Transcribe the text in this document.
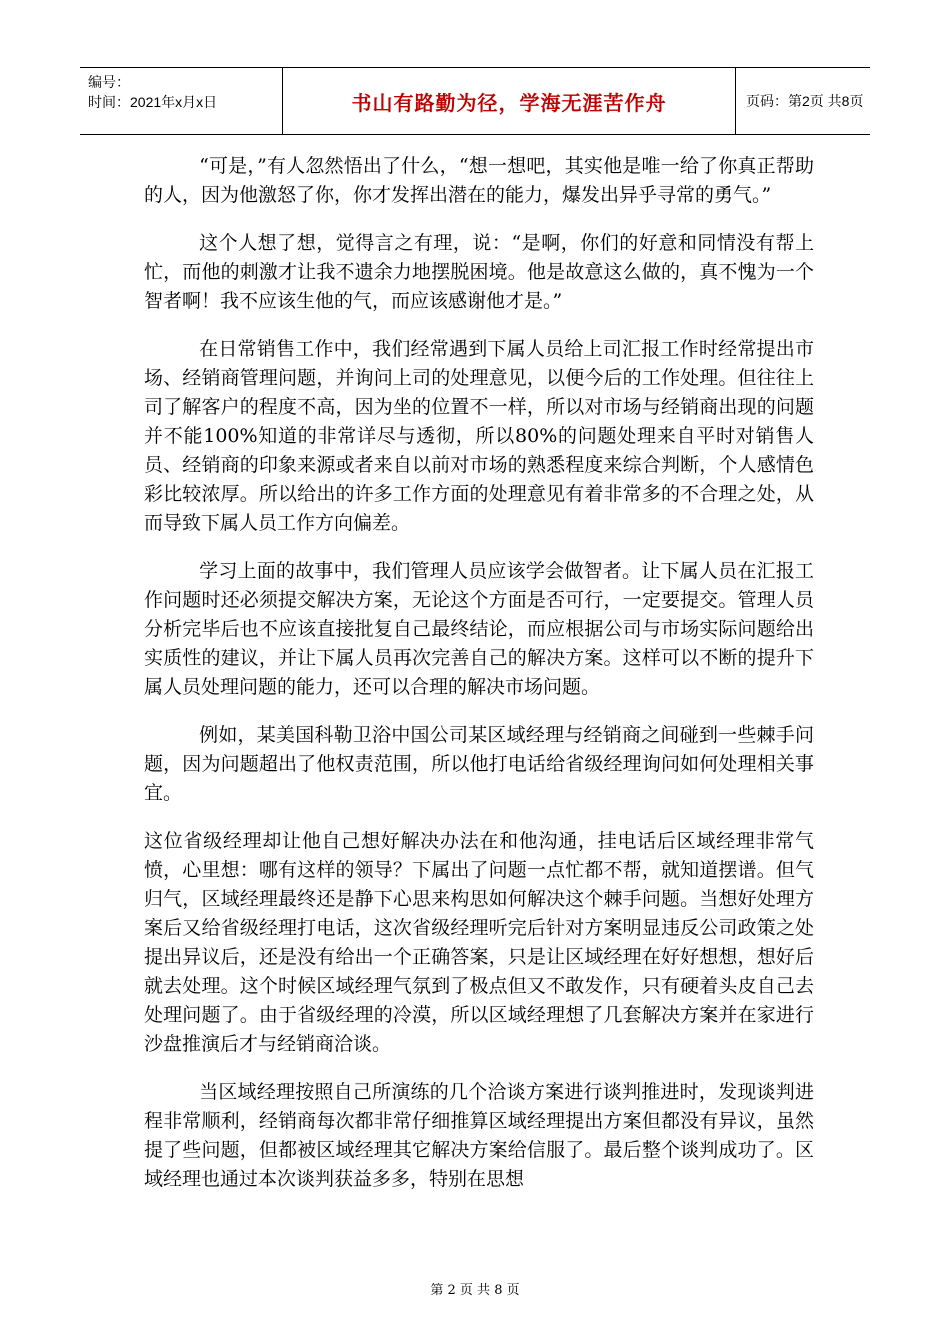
编号：
时间：2021年x月x日	书山有路勤为径，学海无涯苦作舟	页码：第2页 共8页

“可是，”有人忽然悟出了什么，“想一想吧，其实他是唯一给了你真正帮助的人，因为他激怒了你，你才发挥出潜在的能力，爆发出异乎寻常的勇气。”

这个人想了想，觉得言之有理，说：“是啊，你们的好意和同情没有帮上忙，而他的刺激才让我不遗余力地摆脱困境。他是故意这么做的，真不愧为一个智者啊！我不应该生他的气，而应该感谢他才是。”

在日常销售工作中，我们经常遇到下属人员给上司汇报工作时经常提出市场、经销商管理问题，并询问上司的处理意见，以便今后的工作处理。但往往上司了解客户的程度不高，因为坐的位置不一样，所以对市场与经销商出现的问题并不能100%知道的非常详尽与透彻，所以80%的问题处理来自平时对销售人员、经销商的印象来源或者来自以前对市场的熟悉程度来综合判断，个人感情色彩比较浓厚。所以给出的许多工作方面的处理意见有着非常多的不合理之处，从而导致下属人员工作方向偏差。

学习上面的故事中，我们管理人员应该学会做智者。让下属人员在汇报工作问题时还必须提交解决方案，无论这个方面是否可行，一定要提交。管理人员分析完毕后也不应该直接批复自己最终结论，而应根据公司与市场实际问题给出实质性的建议，并让下属人员再次完善自己的解决方案。这样可以不断的提升下属人员处理问题的能力，还可以合理的解决市场问题。

例如，某美国科勒卫浴中国公司某区域经理与经销商之间碰到一些棘手问题，因为问题超出了他权责范围，所以他打电话给省级经理询问如何处理相关事宜。

这位省级经理却让他自己想好解决办法在和他沟通，挂电话后区域经理非常气愤，心里想：哪有这样的领导？下属出了问题一点忙都不帮，就知道摆谱。但气归气，区域经理最终还是静下心思来构思如何解决这个棘手问题。当想好处理方案后又给省级经理打电话，这次省级经理听完后针对方案明显违反公司政策之处提出异议后，还是没有给出一个正确答案，只是让区域经理在好好想想，想好后就去处理。这个时候区域经理气氛到了极点但又不敢发作，只有硬着头皮自己去处理问题了。由于省级经理的冷漠，所以区域经理想了几套解决方案并在家进行沙盘推演后才与经销商洽谈。

当区域经理按照自己所演练的几个洽谈方案进行谈判推进时，发现谈判进程非常顺利，经销商每次都非常仔细推算区域经理提出方案但都没有异议，虽然提了些问题，但都被区域经理其它解决方案给信服了。最后整个谈判成功了。区域经理也通过本次谈判获益多多，特别在思想

第 2 页 共 8 页
